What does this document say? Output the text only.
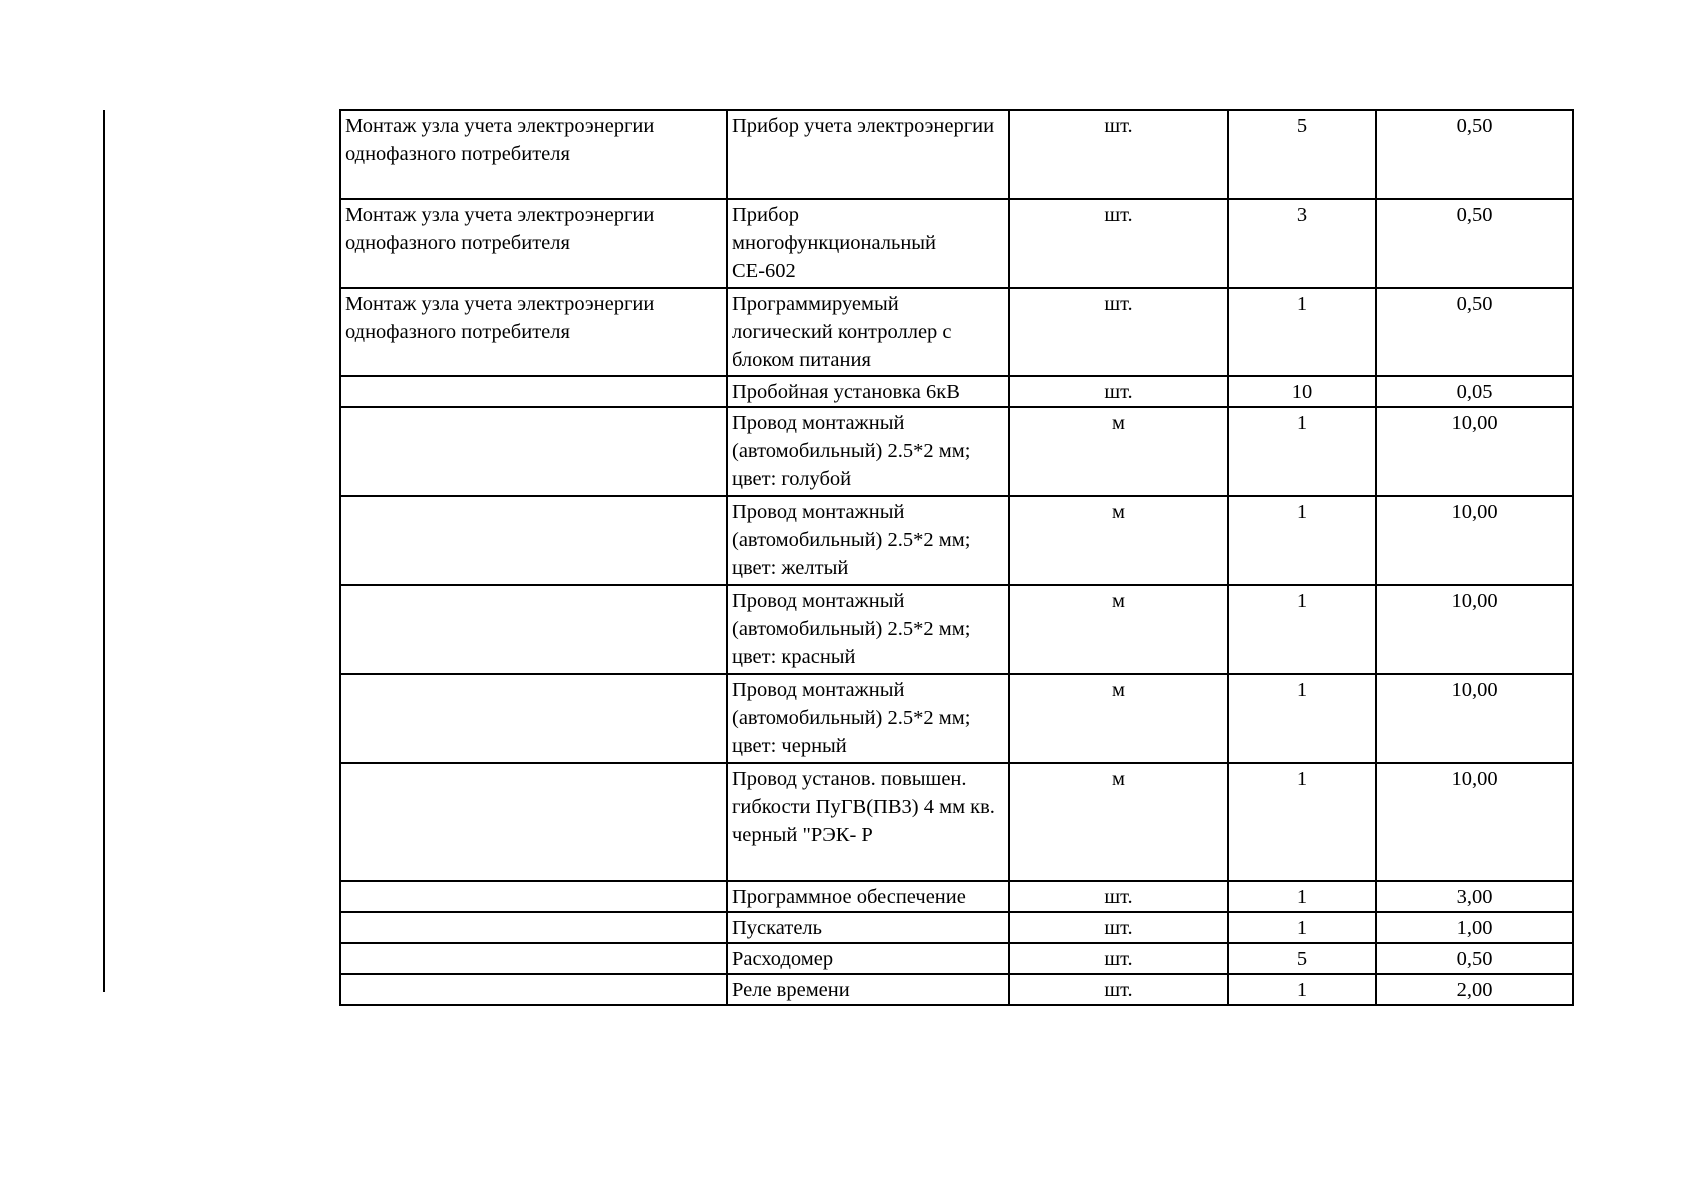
Монтаж узла учета электроэнергии однофазного потребителя	Прибор учета электроэнергии	шт.	5	0,50
Монтаж узла учета электроэнергии однофазного потребителя	Прибор многофункциональный СЕ-602	шт.	3	0,50
Монтаж узла учета электроэнергии однофазного потребителя	Программируемый логический контроллер с блоком питания	шт.	1	0,50
	Пробойная установка 6кВ	шт.	10	0,05
	Провод монтажный (автомобильный) 2.5*2 мм; цвет: голубой	м	1	10,00
	Провод монтажный (автомобильный) 2.5*2 мм; цвет: желтый	м	1	10,00
	Провод монтажный (автомобильный) 2.5*2 мм; цвет: красный	м	1	10,00
	Провод монтажный (автомобильный) 2.5*2 мм; цвет: черный	м	1	10,00
	Провод установ. повышен. гибкости ПуГВ(ПВ3) 4 мм кв. черный "РЭК- Р	м	1	10,00
	Программное обеспечение	шт.	1	3,00
	Пускатель	шт.	1	1,00
	Расходомер	шт.	5	0,50
	Реле времени	шт.	1	2,00
